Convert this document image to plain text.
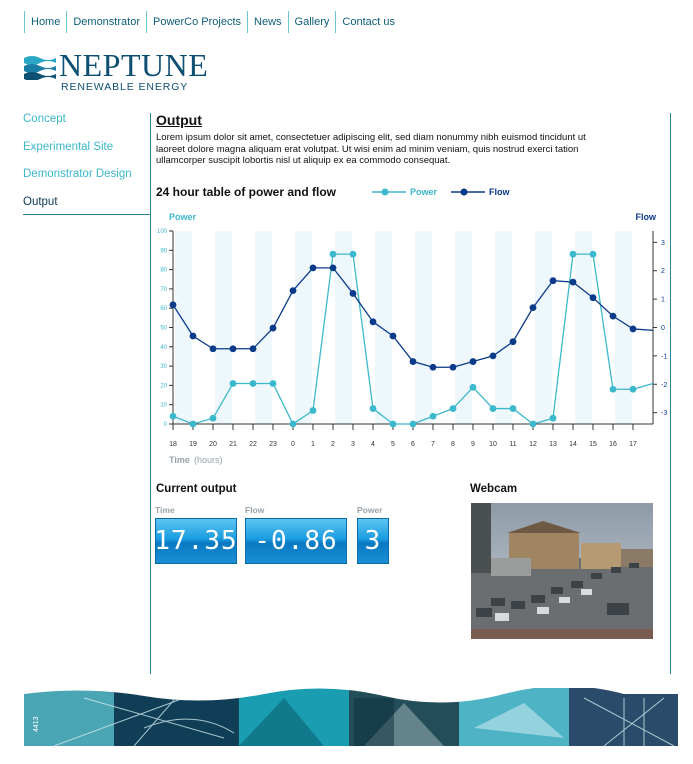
Home	Demonstrator	PowerCo Projects	News	Gallery	Contact us
NEPTUNE
RENEWABLE ENERGY
Concept
Experimental Site
Demonstrator Design
Output
Output

Lorem ipsum dolor sit amet, consectetuer adipiscing elit, sed diam nonummy nibh euismod tincidunt ut laoreet dolore magna aliquam erat volutpat. Ut wisi enim ad minim veniam, quis nostrud exerci tation ullamcorper suscipit lobortis nisl ut aliquip ex ea commodo consequat.

24 hour table of power and flow	Power	Flow
0
10
20
30
40
50
60
70
80
90
100
-3
-2
-1
0
1
2
3
18 19 20 21 22 23 0 1 2 3 4 5 6 7 8 9 10 11 12 13 14 15 16 17
Power	Flow
Time (hours)
Current output
Time
17.35
Flow
-0.86
Power
3
Webcam
4413
